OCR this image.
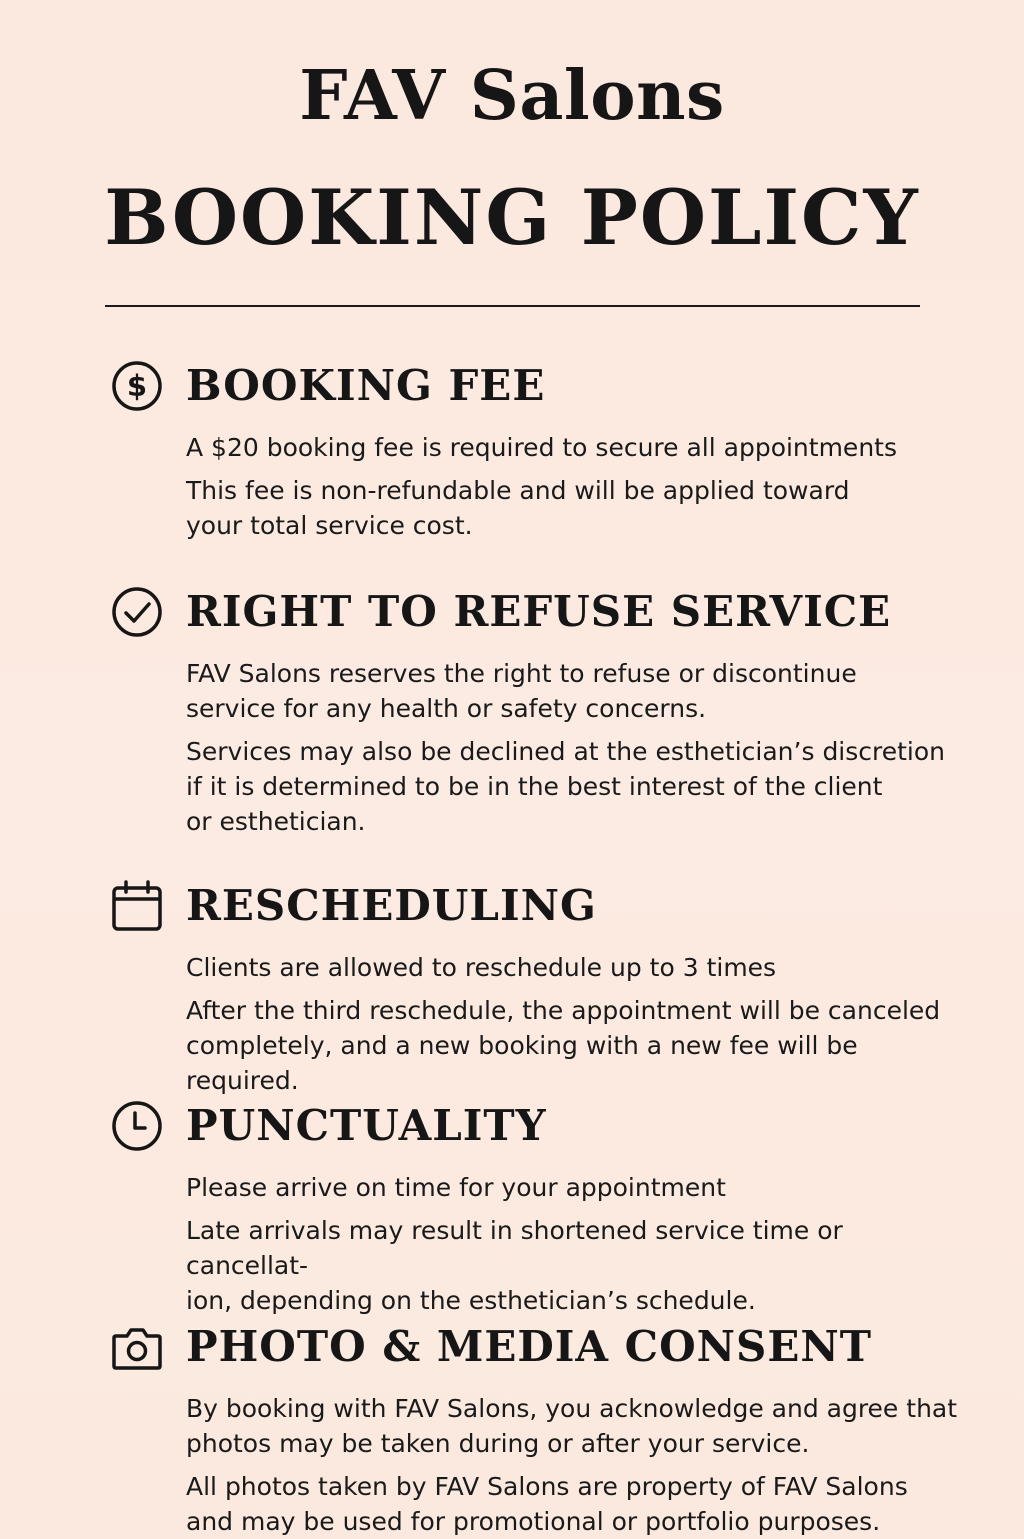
FAV Salons
BOOKING POLICY
$ BOOKING FEE
A $20 booking fee is required to secure all appointments
This fee is non-refundable and will be applied toward
your total service cost.
RIGHT TO REFUSE SERVICE
FAV Salons reserves the right to refuse or discontinue
service for any health or safety concerns.
Services may also be declined at the esthetician’s discretion
if it is determined to be in the best interest of the client
or esthetician.
RESCHEDULING
Clients are allowed to reschedule up to 3 times
After the third reschedule, the appointment will be canceled
completely, and a new booking with a new fee will be required.
PUNCTUALITY
Please arrive on time for your appointment
Late arrivals may result in shortened service time or cancellat-
ion, depending on the esthetician’s schedule.
PHOTO & MEDIA CONSENT
By booking with FAV Salons, you acknowledge and agree that
photos may be taken during or after your service.
All photos taken by FAV Salons are property of FAV Salons
and may be used for promotional or portfolio purposes.
